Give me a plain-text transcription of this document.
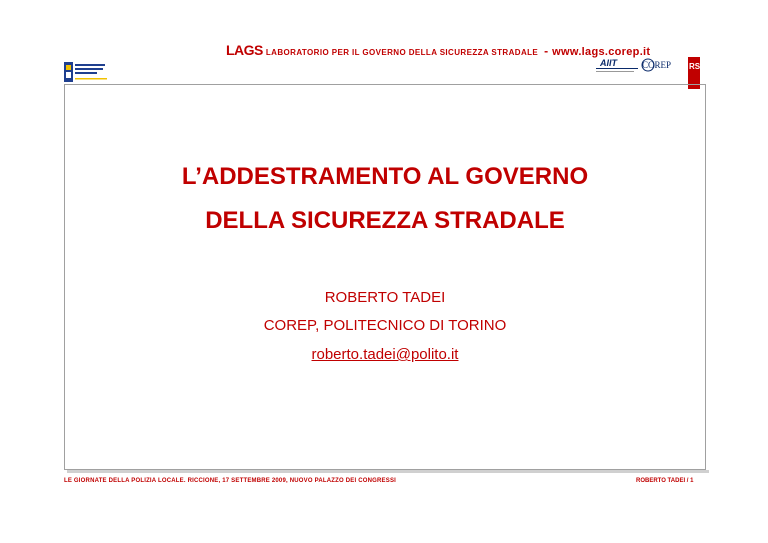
LAGS LABORATORIO PER IL GOVERNO DELLA SICUREZZA STRADALE - www.lags.corep.it
AIIT	COREP RST
L’ADDESTRAMENTO AL GOVERNO
DELLA SICUREZZA STRADALE
ROBERTO TADEI
COREP, POLITECNICO DI TORINO
roberto.tadei@polito.it
LE GIORNATE DELLA POLIZIA LOCALE. RICCIONE, 17 SETTEMBRE 2009, NUOVO PALAZZO DEI CONGRESSI	ROBERTO TADEI / 1
